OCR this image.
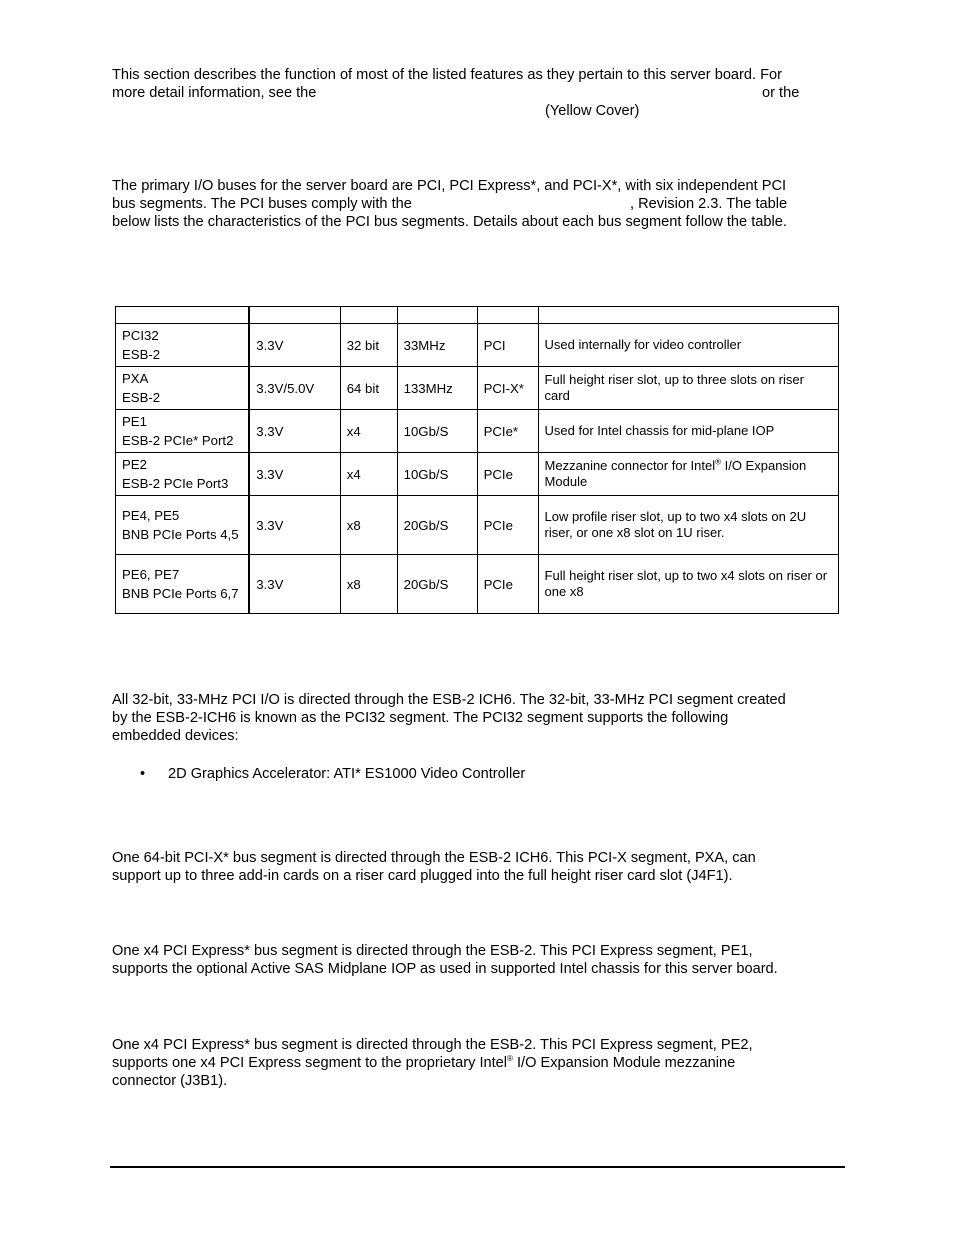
This section describes the function of most of the listed features as they pertain to this server board. For
more detail information, see the	or the
(Yellow Cover)
The primary I/O buses for the server board are PCI, PCI Express*, and PCI-X*, with six independent PCI
bus segments. The PCI buses comply with the	, Revision 2.3. The table
below lists the characteristics of the PCI bus segments. Details about each bus segment follow the table.

PCI32
ESB-2	3.3V	32 bit	33MHz	PCI	Used internally for video controller

PXA
ESB-2	3.3V/5.0V	64 bit	133MHz	PCI-X*	Full height riser slot, up to three slots on riser card

PE1
ESB-2 PCIe* Port2	3.3V	x4	10Gb/S	PCIe*	Used for Intel chassis for mid-plane IOP

PE2
ESB-2 PCIe Port3	3.3V	x4	10Gb/S	PCIe	Mezzanine connector for Intel® I/O Expansion Module

PE4, PE5
BNB PCIe Ports 4,5	3.3V	x8	20Gb/S	PCIe	Low profile riser slot, up to two x4 slots on 2U riser, or one x8 slot on 1U riser.

PE6, PE7
BNB PCIe Ports 6,7	3.3V	x8	20Gb/S	PCIe	Full height riser slot, up to two x4 slots on riser or one x8
All 32-bit, 33-MHz PCI I/O is directed through the ESB-2 ICH6. The 32-bit, 33-MHz PCI segment created
by the ESB-2-ICH6 is known as the PCI32 segment. The PCI32 segment supports the following
embedded devices:
• 2D Graphics Accelerator: ATI* ES1000 Video Controller
One 64-bit PCI-X* bus segment is directed through the ESB-2 ICH6. This PCI-X segment, PXA, can
support up to three add-in cards on a riser card plugged into the full height riser card slot (J4F1).
One x4 PCI Express* bus segment is directed through the ESB-2. This PCI Express segment, PE1,
supports the optional Active SAS Midplane IOP as used in supported Intel chassis for this server board.
One x4 PCI Express* bus segment is directed through the ESB-2. This PCI Express segment, PE2,
supports one x4 PCI Express segment to the proprietary Intel® I/O Expansion Module mezzanine
connector (J3B1).
